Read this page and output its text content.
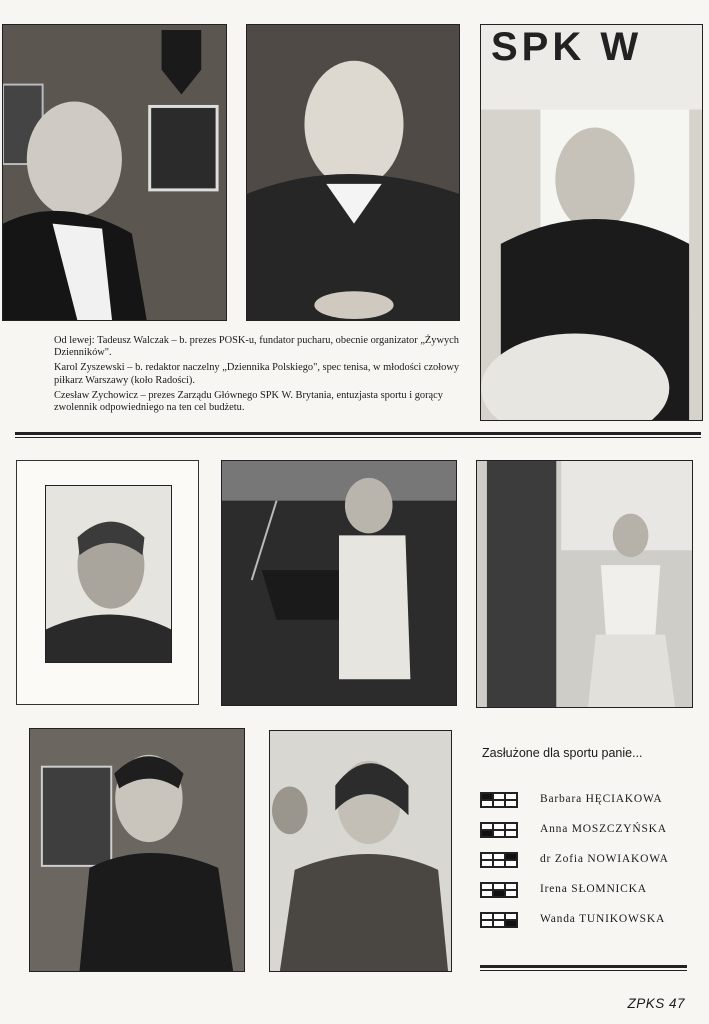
SPK W

Od lewej: Tadeusz Walczak – b. prezes POSK-u, fundator pucharu, obecnie organizator „Żywych Dzienników".

Karol Zyszewski – b. redaktor naczelny „Dziennika Polskiego", spec tenisa, w młodości czołowy piłkarz Warszawy (koło Radości).

Czesław Zychowicz – prezes Zarządu Głównego SPK W. Brytania, entuzjasta sportu i gorący zwolennik odpowiedniego na ten cel budżetu.

Zasłużone dla sportu panie...
Barbara HĘCIAKOWA
Anna MOSZCZYŃSKA
dr Zofia NOWIAKOWA
Irena SŁOMNICKA
Wanda TUNIKOWSKA
ZPKS 47
